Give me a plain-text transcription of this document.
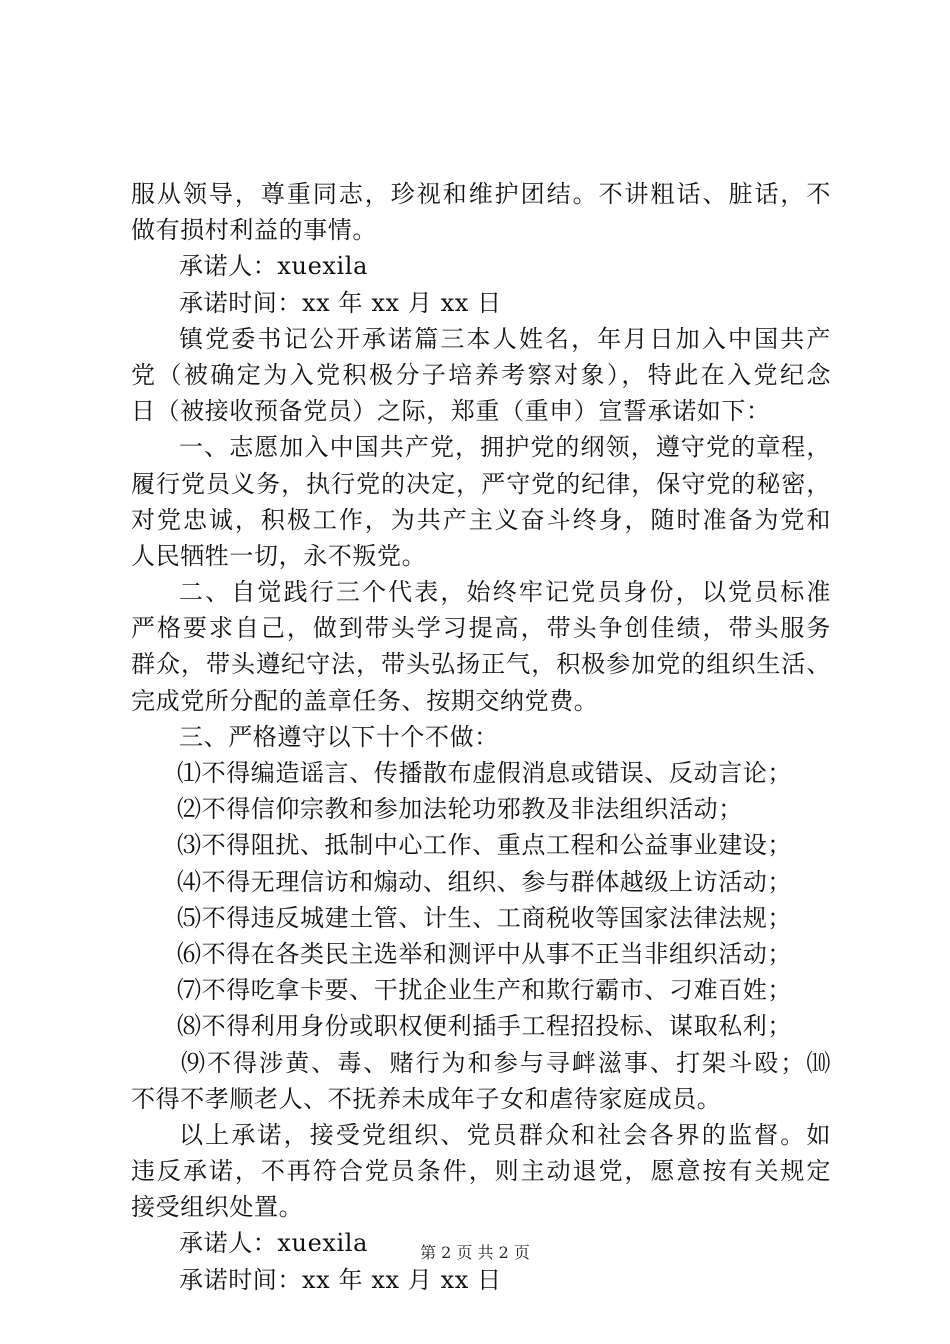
服从领导，尊重同志，珍视和维护团结。不讲粗话、脏话，不
做有损村利益的事情。
承诺人：xuexila
承诺时间：xx 年 xx 月 xx 日
镇党委书记公开承诺篇三本人姓名，年月日加入中国共产
党（被确定为入党积极分子培养考察对象），特此在入党纪念
日（被接收预备党员）之际，郑重（重申）宣誓承诺如下：
一、志愿加入中国共产党，拥护党的纲领，遵守党的章程，
履行党员义务，执行党的决定，严守党的纪律，保守党的秘密，
对党忠诚，积极工作，为共产主义奋斗终身，随时准备为党和
人民牺牲一切，永不叛党。
二、自觉践行三个代表，始终牢记党员身份，以党员标准
严格要求自己，做到带头学习提高，带头争创佳绩，带头服务
群众，带头遵纪守法，带头弘扬正气，积极参加党的组织生活、
完成党所分配的盖章任务、按期交纳党费。
三、严格遵守以下十个不做：
⑴不得编造谣言、传播散布虚假消息或错误、反动言论；
⑵不得信仰宗教和参加法轮功邪教及非法组织活动；
⑶不得阻扰、抵制中心工作、重点工程和公益事业建设；
⑷不得无理信访和煽动、组织、参与群体越级上访活动；
⑸不得违反城建土管、计生、工商税收等国家法律法规；
⑹不得在各类民主选举和测评中从事不正当非组织活动；
⑺不得吃拿卡要、干扰企业生产和欺行霸市、刁难百姓；
⑻不得利用身份或职权便利插手工程招投标、谋取私利；
⑼不得涉黄、毒、赌行为和参与寻衅滋事、打架斗殴；⑽
不得不孝顺老人、不抚养未成年子女和虐待家庭成员。
以上承诺，接受党组织、党员群众和社会各界的监督。如
违反承诺，不再符合党员条件，则主动退党，愿意按有关规定
接受组织处置。
承诺人：xuexila
承诺时间：xx 年 xx 月 xx 日
第 2 页 共 2 页
